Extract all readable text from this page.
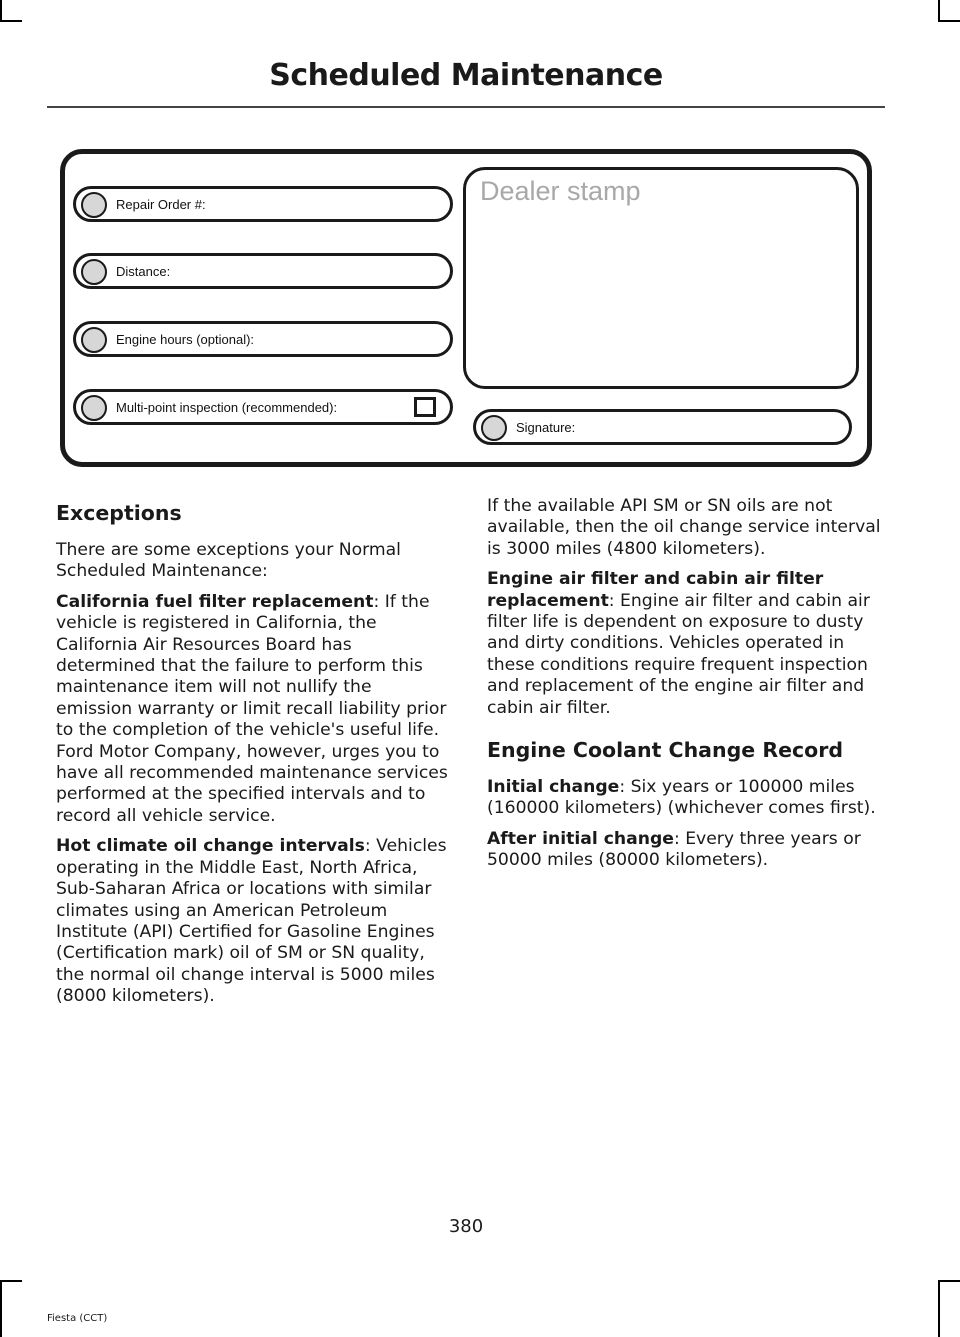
Scheduled Maintenance
Repair Order #:
Distance:
Engine hours (optional):
Multi-point inspection (recommended):
Dealer stamp
Signature:
Exceptions

There are some exceptions your Normal Scheduled Maintenance:

California fuel filter replacement: If the vehicle is registered in California, the California Air Resources Board has determined that the failure to perform this maintenance item will not nullify the emission warranty or limit recall liability prior to the completion of the vehicle's useful life. Ford Motor Company, however, urges you to have all recommended maintenance services performed at the specified intervals and to record all vehicle service.

Hot climate oil change intervals: Vehicles operating in the Middle East, North Africa, Sub-Saharan Africa or locations with similar climates using an American Petroleum Institute (API) Certified for Gasoline Engines (Certification mark) oil of SM or SN quality, the normal oil change interval is 5000 miles (8000 kilometers).

If the available API SM or SN oils are not available, then the oil change service interval is 3000 miles (4800 kilometers).

Engine air filter and cabin air filter replacement: Engine air filter and cabin air filter life is dependent on exposure to dusty and dirty conditions. Vehicles operated in these conditions require frequent inspection and replacement of the engine air filter and cabin air filter.

Engine Coolant Change Record

Initial change: Six years or 100000 miles (160000 kilometers) (whichever comes first).

After initial change: Every three years or 50000 miles (80000 kilometers).

380
Fiesta (CCT)
